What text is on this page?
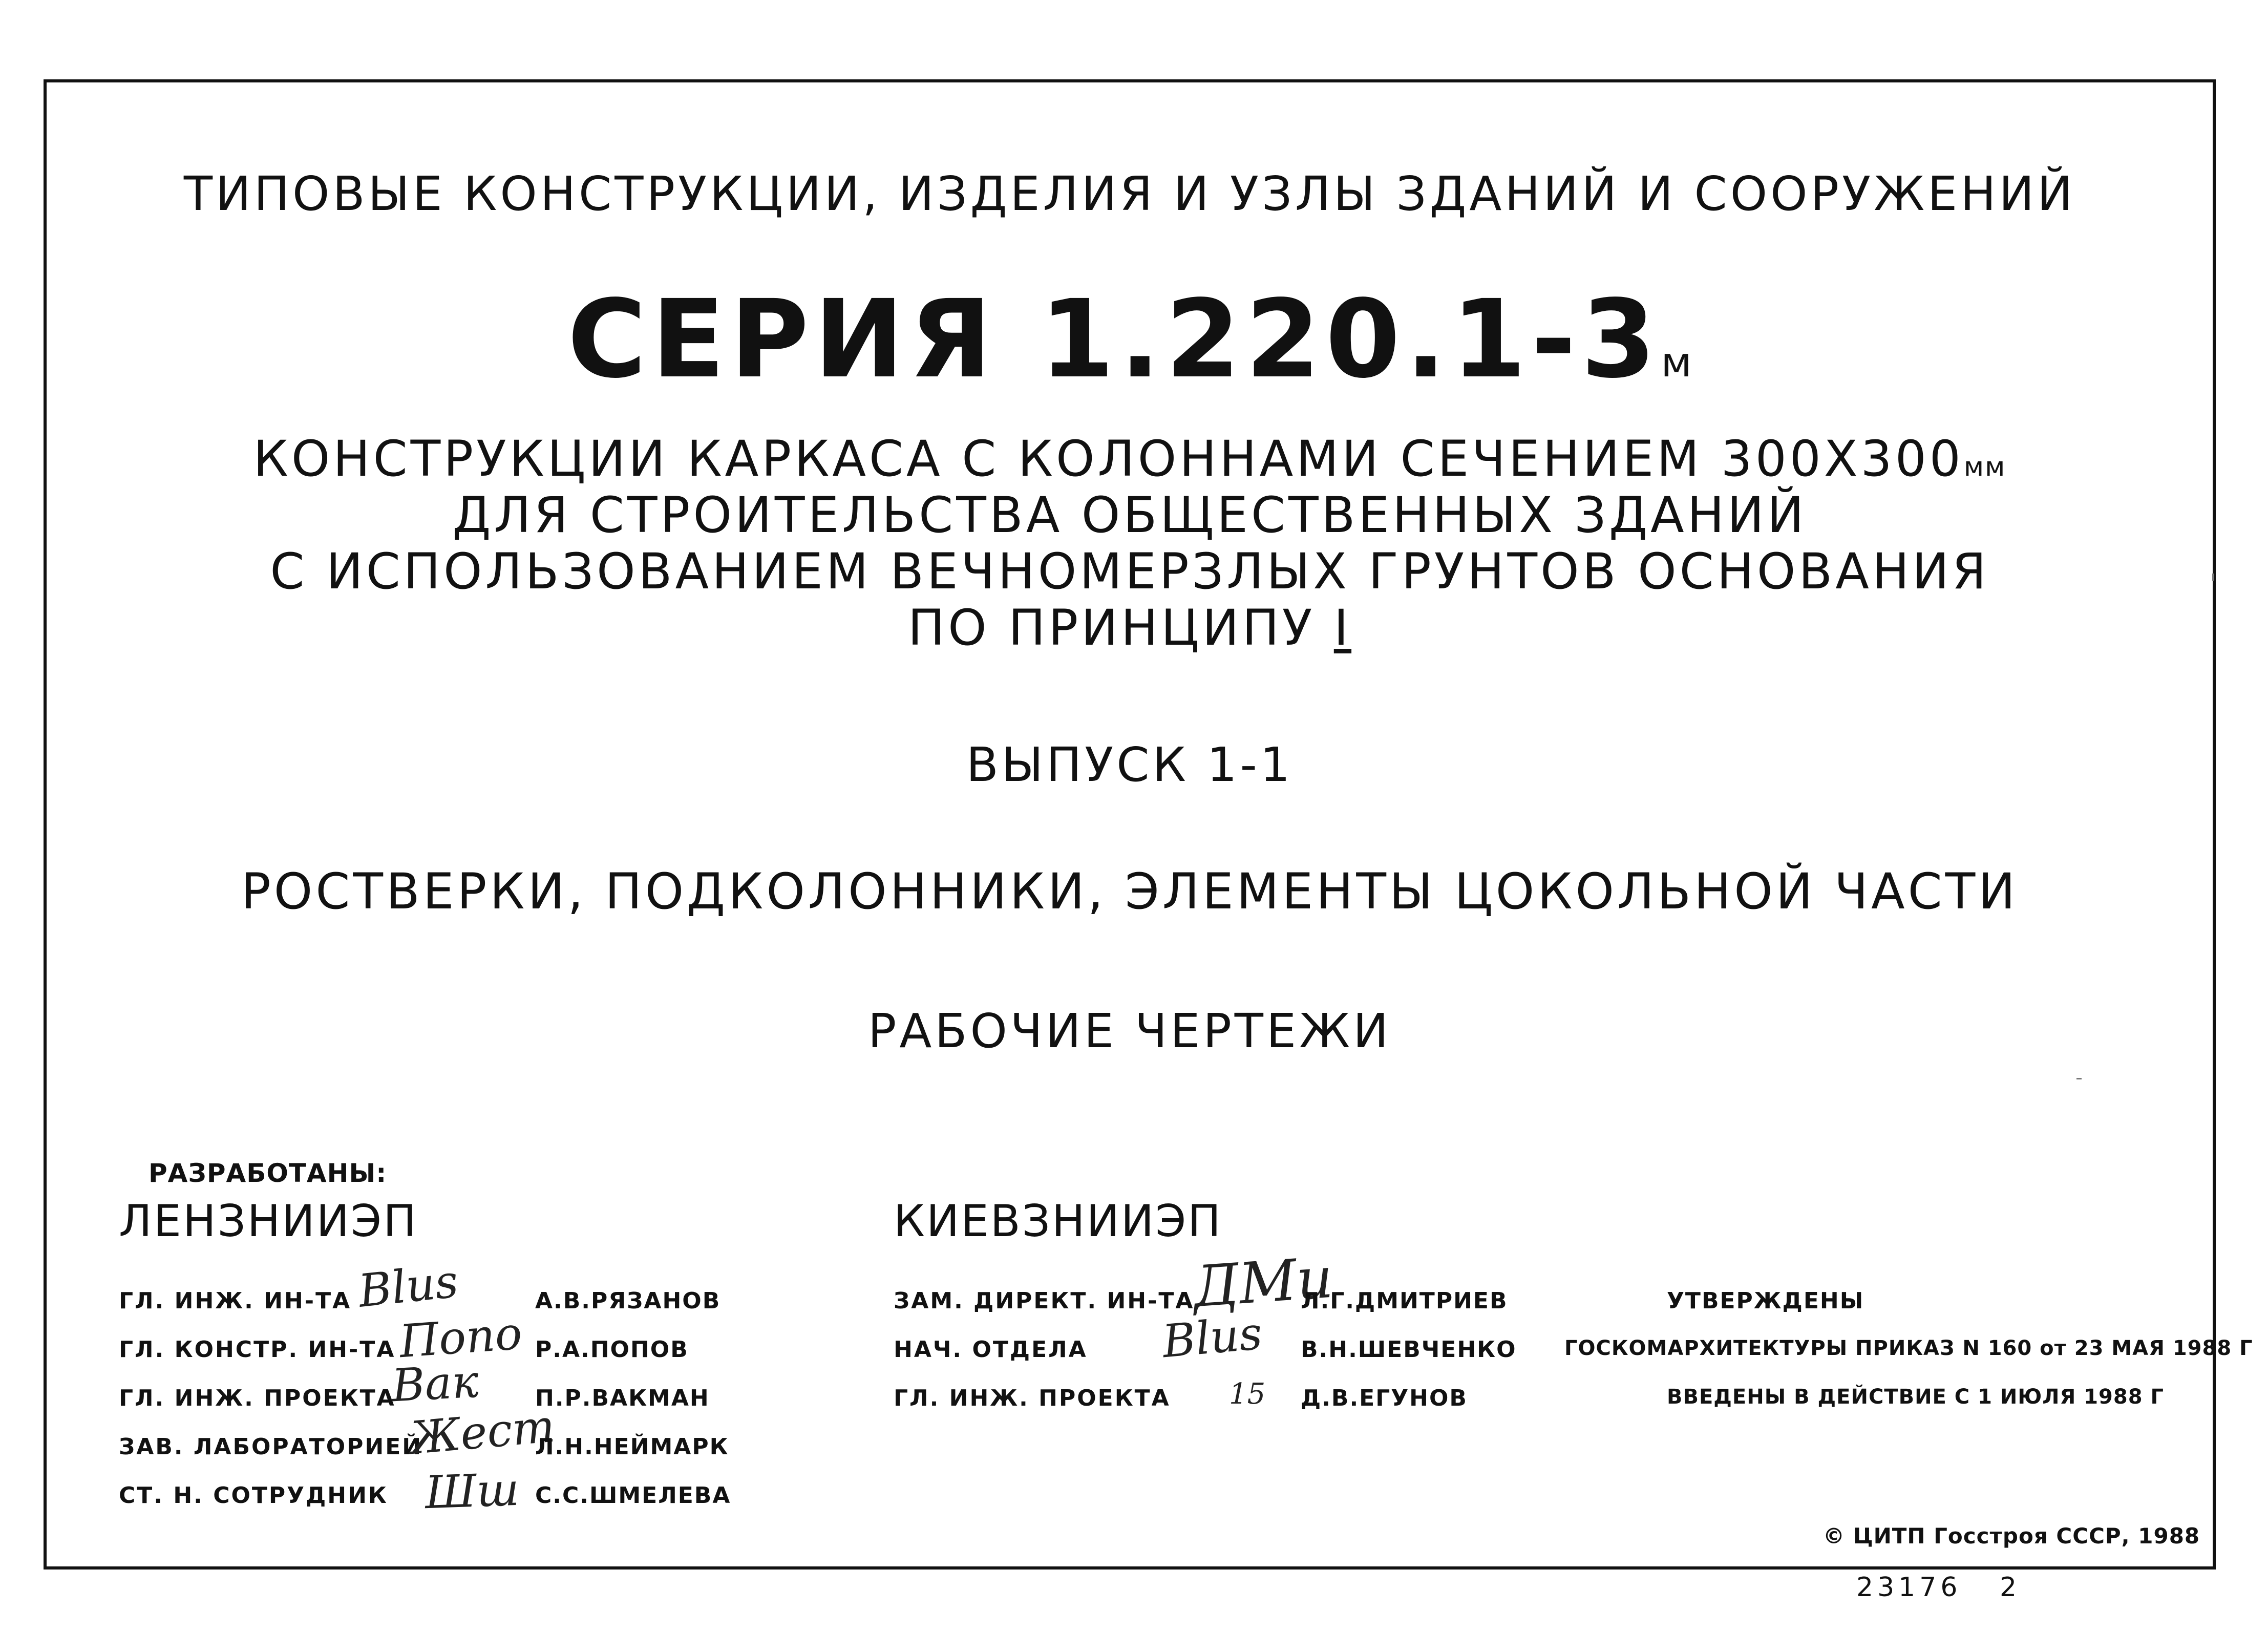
ТИПОВЫЕ КОНСТРУКЦИИ, ИЗДЕЛИЯ И УЗЛЫ ЗДАНИЙ И СООРУЖЕНИЙ
СЕРИЯ 1.220.1-3м
КОНСТРУКЦИИ КАРКАСА С КОЛОННАМИ СЕЧЕНИЕМ 300Х300мм
ДЛЯ СТРОИТЕЛЬСТВА ОБЩЕСТВЕННЫХ ЗДАНИЙ
С ИСПОЛЬЗОВАНИЕМ ВЕЧНОМЕРЗЛЫХ ГРУНТОВ ОСНОВАНИЯ
ПО ПРИНЦИПУ I
ВЫПУСК 1-1
РОСТВЕРКИ, ПОДКОЛОННИКИ, ЭЛЕМЕНТЫ ЦОКОЛЬНОЙ ЧАСТИ
РАБОЧИЕ ЧЕРТЕЖИ
РАЗРАБОТАНЫ:
ЛЕНЗНИИЭП	КИЕВЗНИИЭП
ГЛ. ИНЖ. ИН-ТА
ГЛ. КОНСТР. ИН-ТА
ГЛ. ИНЖ. ПРОЕКТА
ЗАВ. ЛАБОРАТОРИЕЙ
СТ. Н. СОТРУДНИК
Blus
Попо
Вак
Жест
Шш
А.В.РЯЗАНОВ
Р.А.ПОПОВ
П.Р.ВАКМАН
Л.Н.НЕЙМАРК
С.С.ШМЕЛЕВА
ЗАМ. ДИРЕКТ. ИН-ТА
НАЧ. ОТДЕЛА
ГЛ. ИНЖ. ПРОЕКТА
ДМи
Blus
15
Л.Г.ДМИТРИЕВ
В.Н.ШЕВЧЕНКО
Д.В.ЕГУНОВ
УТВЕРЖДЕНЫ
ГОСКОМАРХИТЕКТУРЫ ПРИКАЗ N 160 от 23 МАЯ 1988 Г
ВВЕДЕНЫ В ДЕЙСТВИЕ С 1 ИЮЛЯ 1988 Г
© ЦИТП Госстроя СССР, 1988
23176 2
